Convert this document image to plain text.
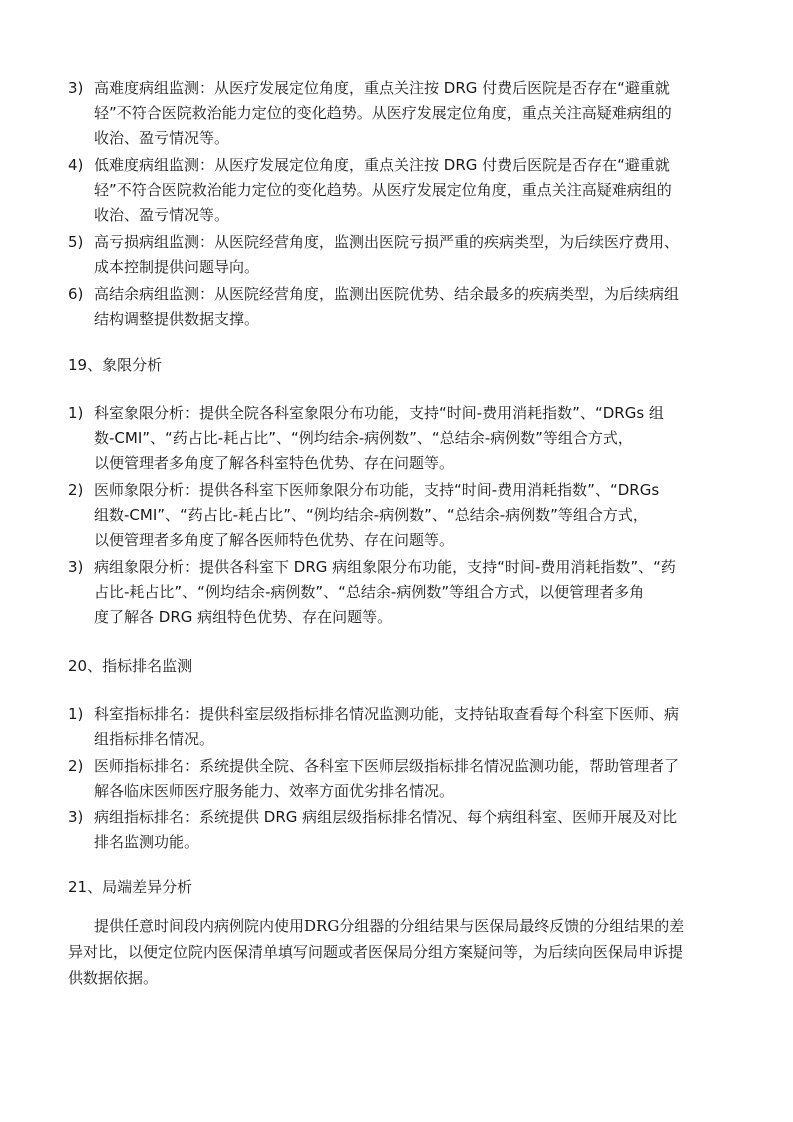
3) 高难度病组监测：从医疗发展定位角度，重点关注按 DRG 付费后医院是否存在“避重就
轻”不符合医院救治能力定位的变化趋势。从医疗发展定位角度，重点关注高疑难病组的
收治、盈亏情况等。
4) 低难度病组监测：从医疗发展定位角度，重点关注按 DRG 付费后医院是否存在“避重就
轻”不符合医院救治能力定位的变化趋势。从医疗发展定位角度，重点关注高疑难病组的
收治、盈亏情况等。
5) 高亏损病组监测：从医院经营角度，监测出医院亏损严重的疾病类型，为后续医疗费用、
成本控制提供问题导向。
6) 高结余病组监测：从医院经营角度，监测出医院优势、结余最多的疾病类型，为后续病组
结构调整提供数据支撑。
19、象限分析
1) 科室象限分析：提供全院各科室象限分布功能，支持“时间-费用消耗指数”、“DRGs 组
数-CMI”、“药占比-耗占比”、“例均结余-病例数”、“总结余-病例数”等组合方式，
以便管理者多角度了解各科室特色优势、存在问题等。
2) 医师象限分析：提供各科室下医师象限分布功能，支持“时间-费用消耗指数”、“DRGs
组数-CMI”、“药占比-耗占比”、“例均结余-病例数”、“总结余-病例数”等组合方式，
以便管理者多角度了解各医师特色优势、存在问题等。
3) 病组象限分析：提供各科室下 DRG 病组象限分布功能，支持“时间-费用消耗指数”、“药
占比-耗占比”、“例均结余-病例数”、“总结余-病例数”等组合方式，以便管理者多角
度了解各 DRG 病组特色优势、存在问题等。
20、指标排名监测
1) 科室指标排名：提供科室层级指标排名情况监测功能，支持钻取查看每个科室下医师、病
组指标排名情况。
2) 医师指标排名：系统提供全院、各科室下医师层级指标排名情况监测功能，帮助管理者了
解各临床医师医疗服务能力、效率方面优劣排名情况。
3) 病组指标排名：系统提供 DRG 病组层级指标排名情况、每个病组科室、医师开展及对比
排名监测功能。
21、局端差异分析
提供任意时间段内病例院内使用DRG分组器的分组结果与医保局最终反馈的分组结果的差
异对比，以便定位院内医保清单填写问题或者医保局分组方案疑问等，为后续向医保局申诉提
供数据依据。
